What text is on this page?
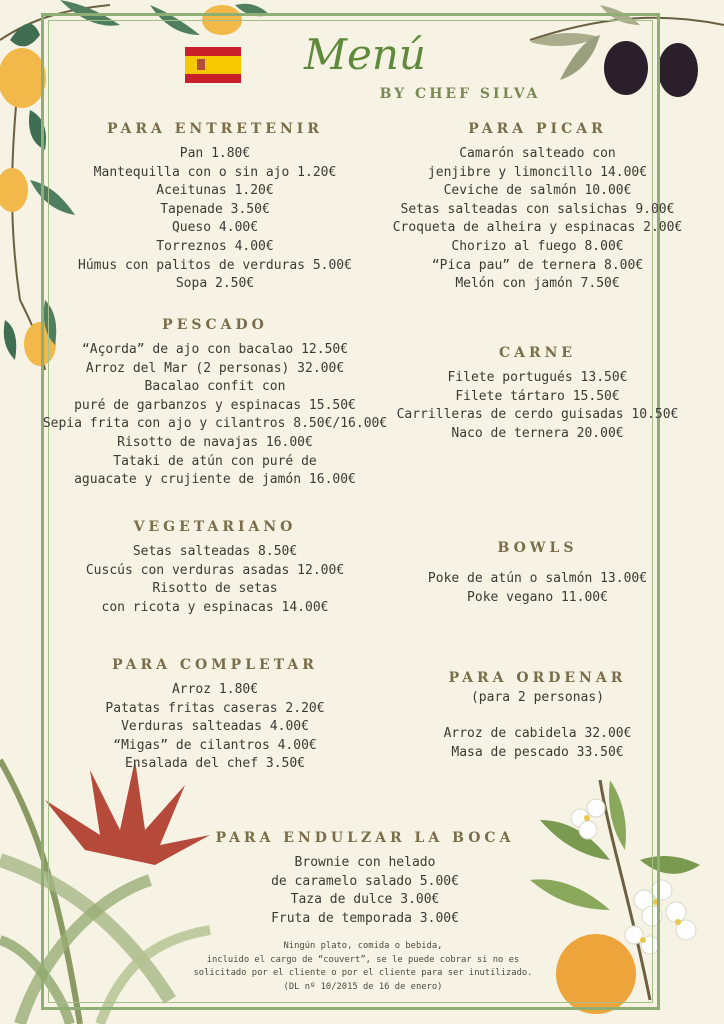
Menú
BY CHEF SILVA
PARA ENTRETENIR
Pan 1.80€
Mantequilla con o sin ajo 1.20€
Aceitunas 1.20€
Tapenade 3.50€
Queso 4.00€
Torreznos 4.00€
Húmus con palitos de verduras 5.00€
Sopa 2.50€
PARA PICAR
Camarón salteado con
jenjibre y limoncillo 14.00€
Ceviche de salmón 10.00€
Setas salteadas con salsichas 9.00€
Croqueta de alheira y espinacas 2.00€
Chorizo al fuego 8.00€
“Pica pau” de ternera 8.00€
Melón con jamón 7.50€
PESCADO
“Açorda” de ajo con bacalao 12.50€
Arroz del Mar (2 personas) 32.00€
Bacalao confit con
puré de garbanzos y espinacas 15.50€
Sepia frita con ajo y cilantros 8.50€/16.00€
Risotto de navajas 16.00€
Tataki de atún con puré de
aguacate y crujiente de jamón 16.00€
CARNE
Filete portugués 13.50€
Filete tártaro 15.50€
Carrilleras de cerdo guisadas 10.50€
Naco de ternera 20.00€
VEGETARIANO
Setas salteadas 8.50€
Cuscús con verduras asadas 12.00€
Risotto de setas
con ricota y espinacas 14.00€
BOWLS
Poke de atún o salmón 13.00€
Poke vegano 11.00€
PARA COMPLETAR
Arroz 1.80€
Patatas fritas caseras 2.20€
Verduras salteadas 4.00€
“Migas” de cilantros 4.00€
Ensalada del chef 3.50€
PARA ORDENAR
(para 2 personas)
Arroz de cabidela 32.00€
Masa de pescado 33.50€
PARA ENDULZAR LA BOCA
Brownie con helado
de caramelo salado 5.00€
Taza de dulce 3.00€
Fruta de temporada 3.00€
Ningún plato, comida o bebida,
incluido el cargo de “couvert”, se le puede cobrar si no es
solicitado por el cliente o por el cliente para ser inutilizado.
(DL nº 10/2015 de 16 de enero)
